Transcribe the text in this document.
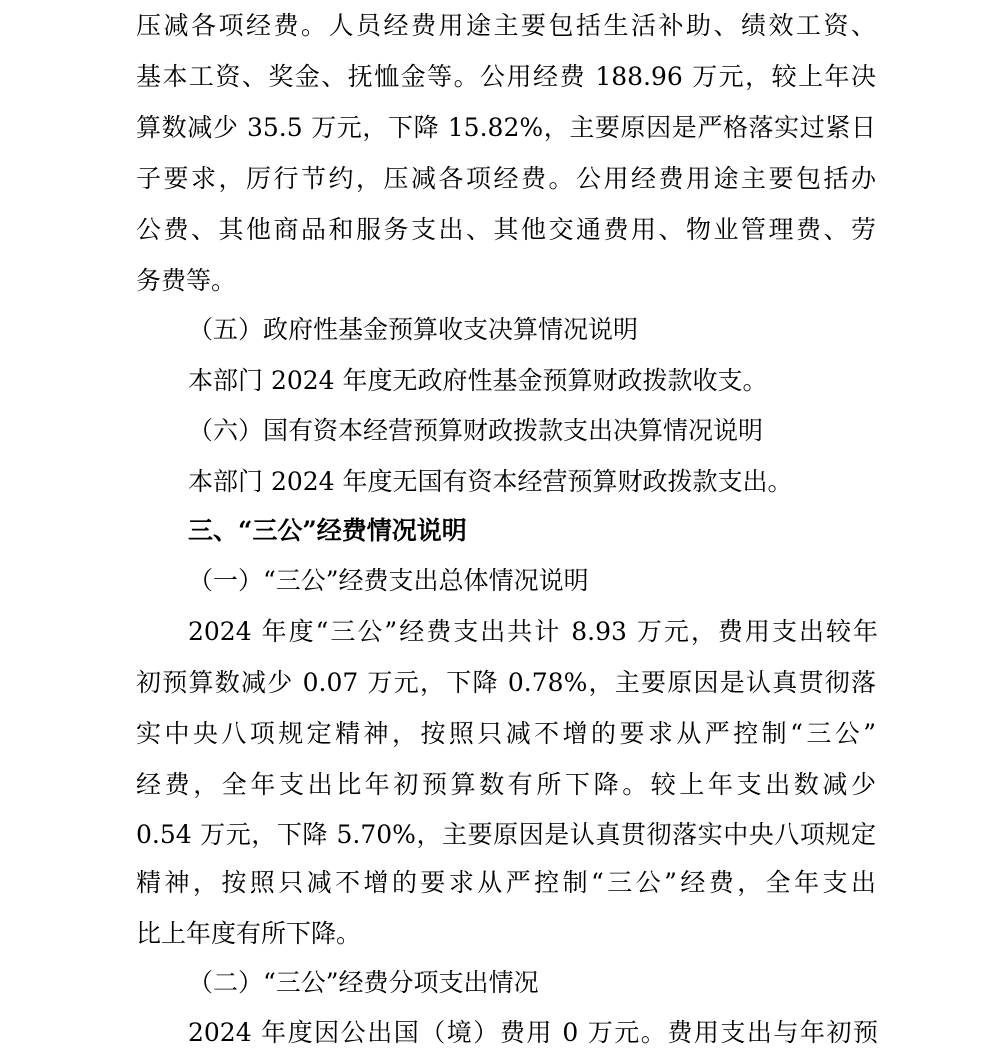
压减各项经费。人员经费用途主要包括生活补助、绩效工资、
基本工资、奖金、抚恤金等。公用经费 188.96 万元，较上年决
算数减少 35.5 万元，下降 15.82%，主要原因是严格落实过紧日
子要求，厉行节约，压减各项经费。公用经费用途主要包括办
公费、其他商品和服务支出、其他交通费用、物业管理费、劳
务费等。
（五）政府性基金预算收支决算情况说明
本部门 2024 年度无政府性基金预算财政拨款收支。
（六）国有资本经营预算财政拨款支出决算情况说明
本部门 2024 年度无国有资本经营预算财政拨款支出。
三、“三公”经费情况说明
（一）“三公”经费支出总体情况说明
2024 年度“三公”经费支出共计 8.93 万元，费用支出较年
初预算数减少 0.07 万元，下降 0.78%，主要原因是认真贯彻落
实中央八项规定精神，按照只减不增的要求从严控制“三公”
经费，全年支出比年初预算数有所下降。较上年支出数减少
0.54 万元，下降 5.70%，主要原因是认真贯彻落实中央八项规定
精神，按照只减不增的要求从严控制“三公”经费，全年支出
比上年度有所下降。
（二）“三公”经费分项支出情况
2024 年度因公出国（境）费用 0 万元。费用支出与年初预
